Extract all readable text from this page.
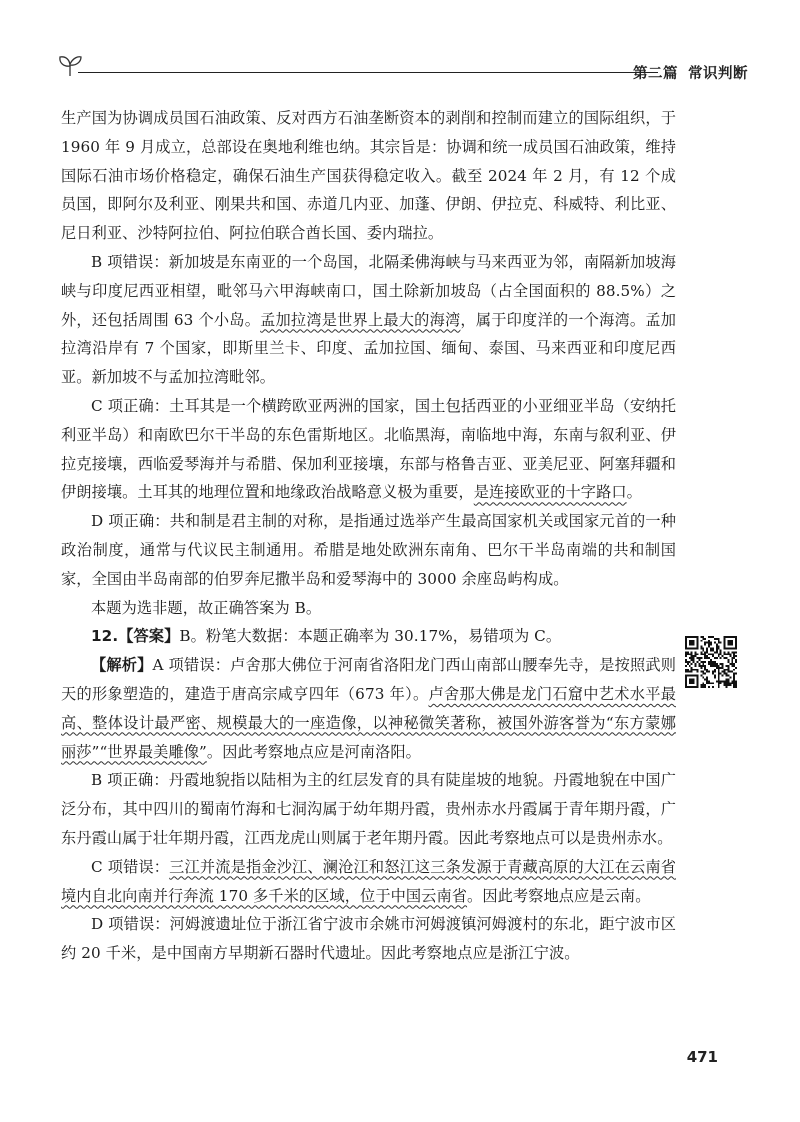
第二篇 常识判断

生产国为协调成员国石油政策、反对西方石油垄断资本的剥削和控制而建立的国际组织，于 1960 年 9 月成立，总部设在奥地利维也纳。其宗旨是：协调和统一成员国石油政策，维持国际石油市场价格稳定，确保石油生产国获得稳定收入。截至 2024 年 2 月，有 12 个成员国，即阿尔及利亚、刚果共和国、赤道几内亚、加蓬、伊朗、伊拉克、科威特、利比亚、尼日利亚、沙特阿拉伯、阿拉伯联合酋长国、委内瑞拉。

B 项错误：新加坡是东南亚的一个岛国，北隔柔佛海峡与马来西亚为邻，南隔新加坡海峡与印度尼西亚相望，毗邻马六甲海峡南口，国土除新加坡岛（占全国面积的 88.5%）之外，还包括周围 63 个小岛。孟加拉湾是世界上最大的海湾，属于印度洋的一个海湾。孟加拉湾沿岸有 7 个国家，即斯里兰卡、印度、孟加拉国、缅甸、泰国、马来西亚和印度尼西亚。新加坡不与孟加拉湾毗邻。

C 项正确：土耳其是一个横跨欧亚两洲的国家，国土包括西亚的小亚细亚半岛（安纳托利亚半岛）和南欧巴尔干半岛的东色雷斯地区。北临黑海，南临地中海，东南与叙利亚、伊拉克接壤，西临爱琴海并与希腊、保加利亚接壤，东部与格鲁吉亚、亚美尼亚、阿塞拜疆和伊朗接壤。土耳其的地理位置和地缘政治战略意义极为重要，是连接欧亚的十字路口。

D 项正确：共和制是君主制的对称，是指通过选举产生最高国家机关或国家元首的一种政治制度，通常与代议民主制通用。希腊是地处欧洲东南角、巴尔干半岛南端的共和制国家，全国由半岛南部的伯罗奔尼撒半岛和爱琴海中的 3000 余座岛屿构成。

本题为选非题，故正确答案为 B。

12.【答案】B。粉笔大数据：本题正确率为 30.17%，易错项为 C。

【解析】A 项错误：卢舍那大佛位于河南省洛阳龙门西山南部山腰奉先寺，是按照武则天的形象塑造的，建造于唐高宗咸亨四年（673 年）。卢舍那大佛是龙门石窟中艺术水平最高、整体设计最严密、规模最大的一座造像，以神秘微笑著称，被国外游客誉为“东方蒙娜丽莎”“世界最美雕像”。因此考察地点应是河南洛阳。

B 项正确：丹霞地貌指以陆相为主的红层发育的具有陡崖坡的地貌。丹霞地貌在中国广泛分布，其中四川的蜀南竹海和七洞沟属于幼年期丹霞，贵州赤水丹霞属于青年期丹霞，广东丹霞山属于壮年期丹霞，江西龙虎山则属于老年期丹霞。因此考察地点可以是贵州赤水。

C 项错误：三江并流是指金沙江、澜沧江和怒江这三条发源于青藏高原的大江在云南省境内自北向南并行奔流 170 多千米的区域，位于中国云南省。因此考察地点应是云南。

D 项错误：河姆渡遗址位于浙江省宁波市余姚市河姆渡镇河姆渡村的东北，距宁波市区约 20 千米，是中国南方早期新石器时代遗址。因此考察地点应是浙江宁波。

471
